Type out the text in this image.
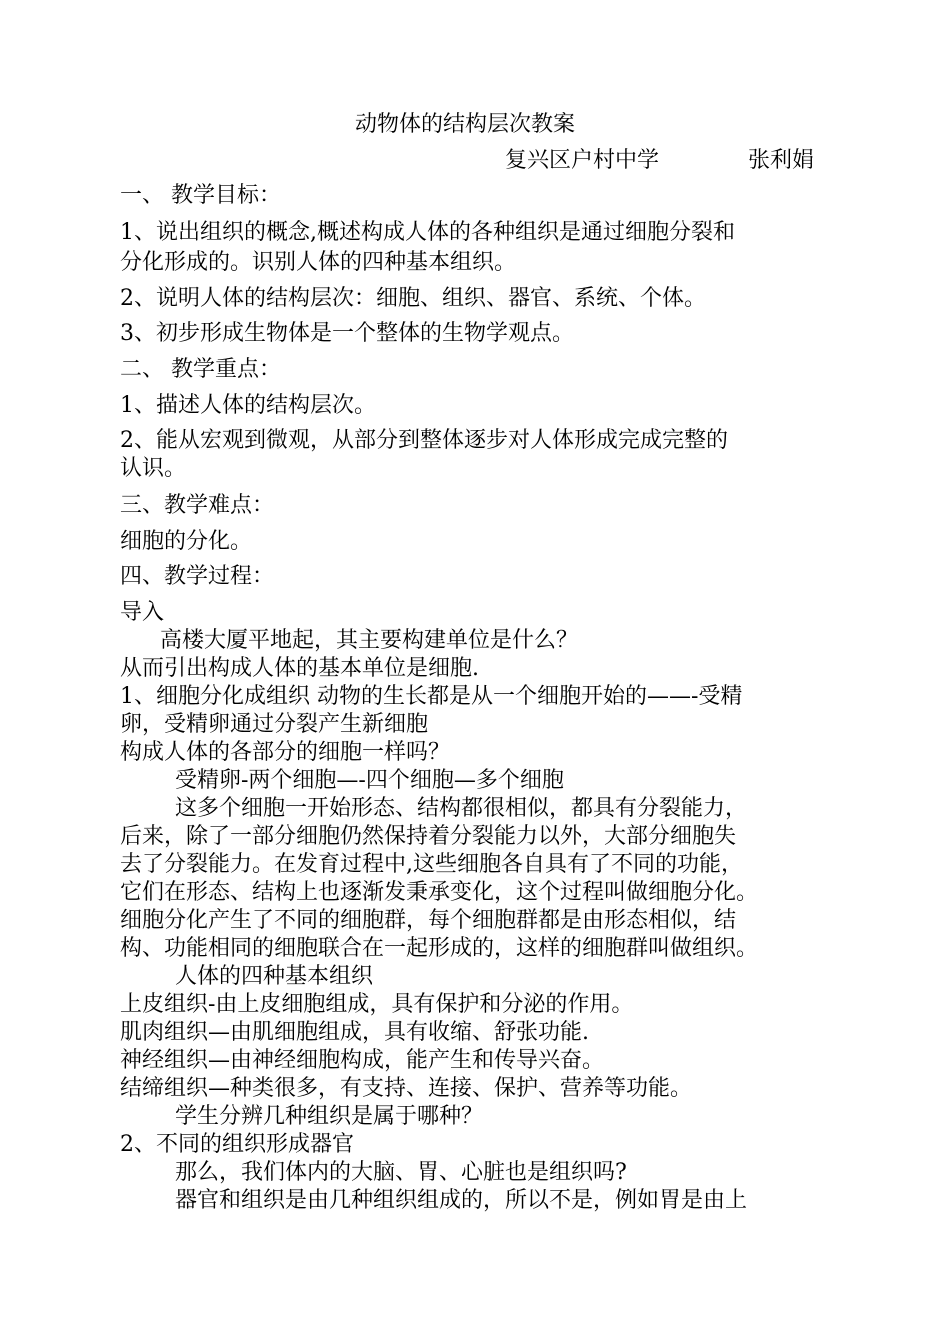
动物体的结构层次教案
复兴区户村中学	张利娟
一、 教学目标：
1、说出组织的概念,概述构成人体的各种组织是通过细胞分裂和
分化形成的。识别人体的四种基本组织。
2、说明人体的结构层次：细胞、组织、器官、系统、个体。
3、初步形成生物体是一个整体的生物学观点。
二、 教学重点：
1、描述人体的结构层次。
2、能从宏观到微观，从部分到整体逐步对人体形成完成完整的
认识。
三、教学难点：
细胞的分化。
四、教学过程：
导入
高楼大厦平地起，其主要构建单位是什么？
从而引出构成人体的基本单位是细胞.
1、细胞分化成组织 动物的生长都是从一个细胞开始的——-受精
卵，受精卵通过分裂产生新细胞
构成人体的各部分的细胞一样吗？
受精卵-两个细胞—-四个细胞—多个细胞
这多个细胞一开始形态、结构都很相似，都具有分裂能力，
后来，除了一部分细胞仍然保持着分裂能力以外，大部分细胞失
去了分裂能力。在发育过程中,这些细胞各自具有了不同的功能，
它们在形态、结构上也逐渐发秉承变化，这个过程叫做细胞分化。
细胞分化产生了不同的细胞群，每个细胞群都是由形态相似，结
构、功能相同的细胞联合在一起形成的，这样的细胞群叫做组织。
人体的四种基本组织
上皮组织-由上皮细胞组成，具有保护和分泌的作用。
肌肉组织—由肌细胞组成，具有收缩、舒张功能.
神经组织—由神经细胞构成，能产生和传导兴奋。
结缔组织—种类很多，有支持、连接、保护、营养等功能。
学生分辨几种组织是属于哪种？
2、不同的组织形成器官
那么，我们体内的大脑、胃、心脏也是组织吗?
器官和组织是由几种组织组成的，所以不是，例如胃是由上
